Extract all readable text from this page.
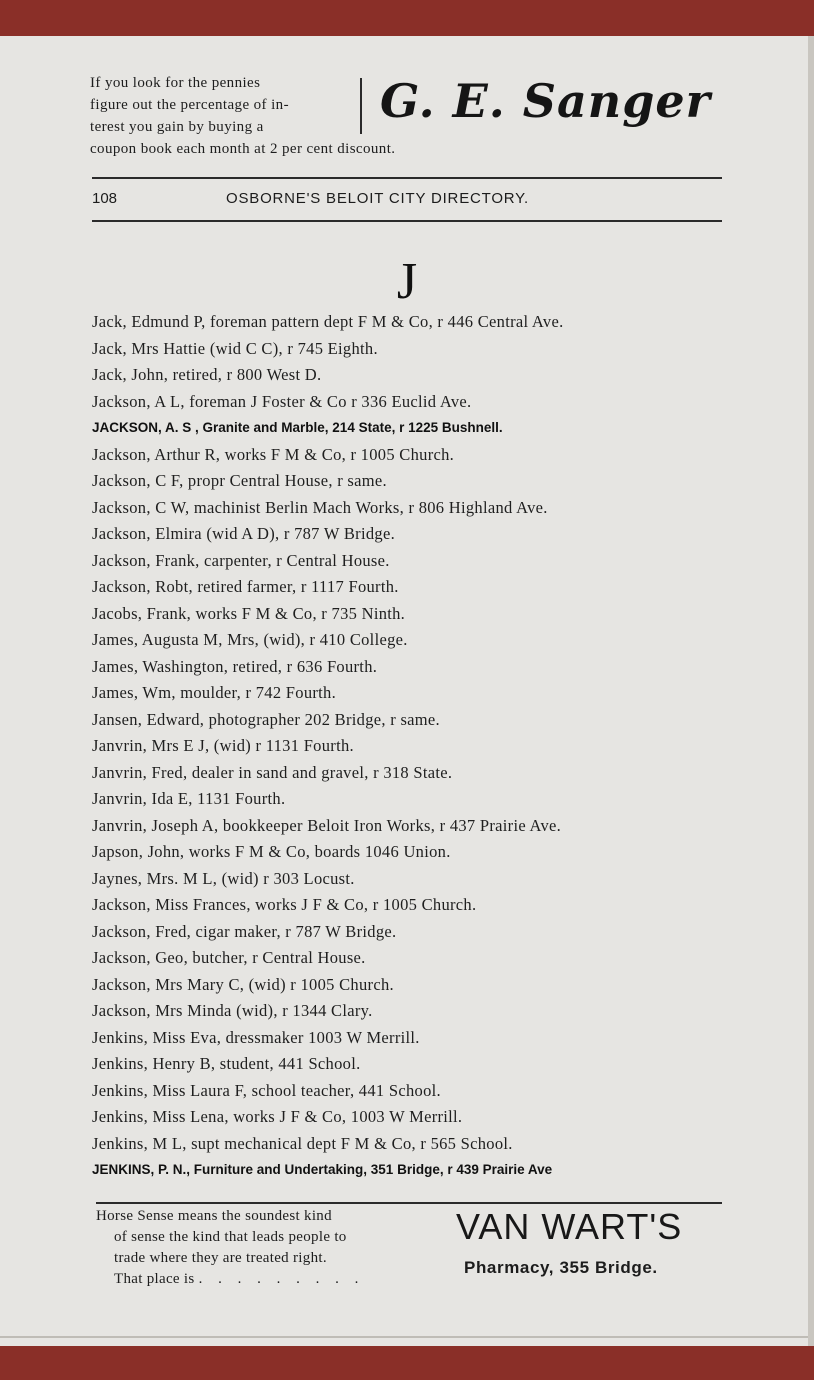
If you look for the pennies
figure out the percentage of in-
terest you gain by buying a
coupon book each month at 2 per cent discount.
G. E. Sanger
108	OSBORNE'S BELOIT CITY DIRECTORY.
J
Jack, Edmund P, foreman pattern dept F M & Co, r 446 Central Ave.
Jack, Mrs Hattie (wid C C), r 745 Eighth.
Jack, John, retired, r 800 West D.
Jackson, A L, foreman J Foster & Co r 336 Euclid Ave.
JACKSON, A. S , Granite and Marble, 214 State, r 1225 Bushnell.
Jackson, Arthur R, works F M & Co, r 1005 Church.
Jackson, C F, propr Central House, r same.
Jackson, C W, machinist Berlin Mach Works, r 806 Highland Ave.
Jackson, Elmira (wid A D), r 787 W Bridge.
Jackson, Frank, carpenter, r Central House.
Jackson, Robt, retired farmer, r 1117 Fourth.
Jacobs, Frank, works F M & Co, r 735 Ninth.
James, Augusta M, Mrs, (wid), r 410 College.
James, Washington, retired, r 636 Fourth.
James, Wm, moulder, r 742 Fourth.
Jansen, Edward, photographer 202 Bridge, r same.
Janvrin, Mrs E J, (wid) r 1131 Fourth.
Janvrin, Fred, dealer in sand and gravel, r 318 State.
Janvrin, Ida E, 1131 Fourth.
Janvrin, Joseph A, bookkeeper Beloit Iron Works, r 437 Prairie Ave.
Japson, John, works F M & Co, boards 1046 Union.
Jaynes, Mrs. M L, (wid) r 303 Locust.
Jackson, Miss Frances, works J F & Co, r 1005 Church.
Jackson, Fred, cigar maker, r 787 W Bridge.
Jackson, Geo, butcher, r Central House.
Jackson, Mrs Mary C, (wid) r 1005 Church.
Jackson, Mrs Minda (wid), r 1344 Clary.
Jenkins, Miss Eva, dressmaker 1003 W Merrill.
Jenkins, Henry B, student, 441 School.
Jenkins, Miss Laura F, school teacher, 441 School.
Jenkins, Miss Lena, works J F & Co, 1003 W Merrill.
Jenkins, M L, supt mechanical dept F M & Co, r 565 School.
JENKINS, P. N., Furniture and Undertaking, 351 Bridge, r 439 Prairie Ave
Horse Sense means the soundest kind
of sense the kind that leads people to
trade where they are treated right.
That place is . . . . . . . . .
VAN WART'S
Pharmacy, 355 Bridge.
